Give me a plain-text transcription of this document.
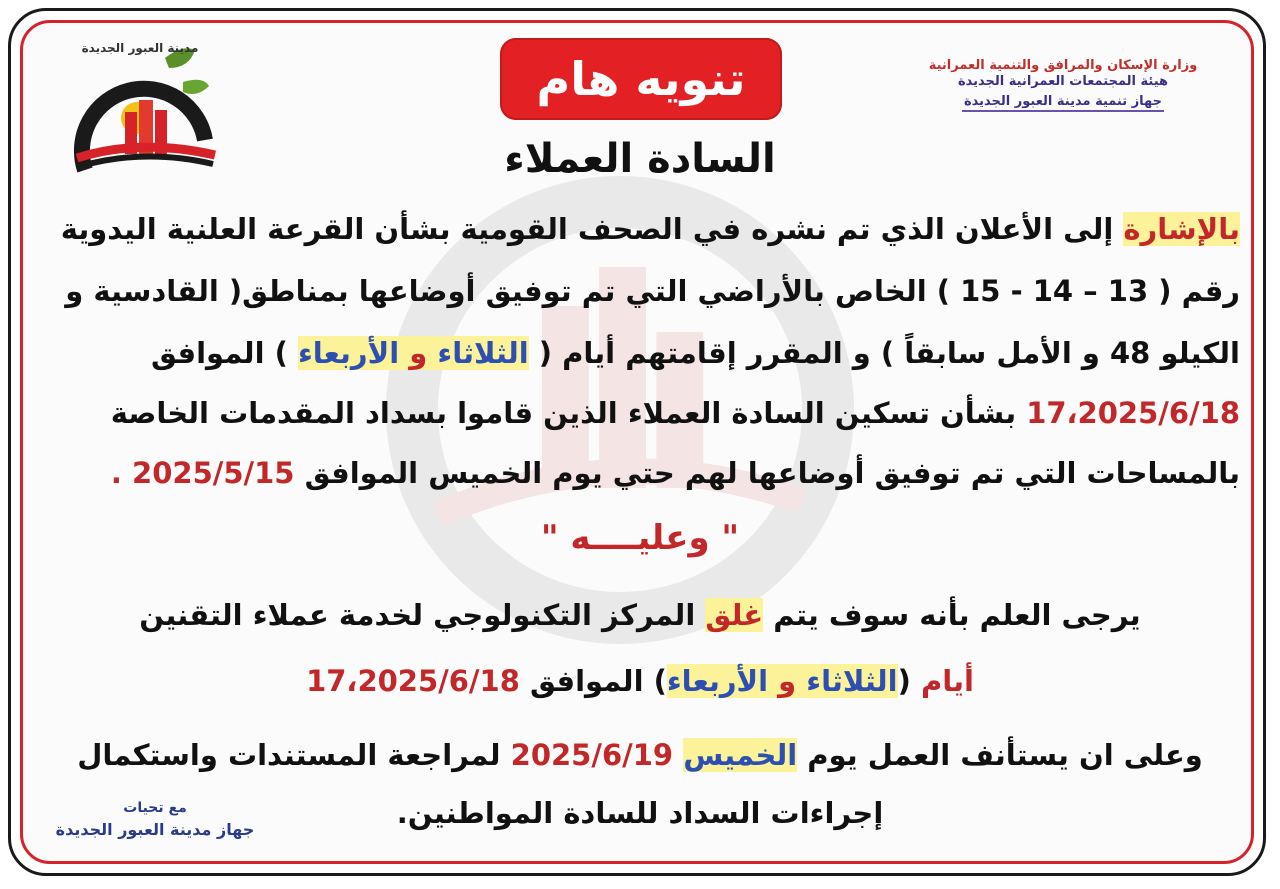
مدينة العبور الجديدة
وزارة الإسكان والمرافق والتنمية العمرانية
هيئة المجتمعات العمرانية الجديدة
جهاز تنمية مدينة العبور الجديدة
تنويه هام
السادة العملاء
بالإشارة إلى الأعلان الذي تم نشره في الصحف القومية بشأن القرعة العلنية اليدوية
رقم ( 13 – 14 - 15 ) الخاص بالأراضي التي تم توفيق أوضاعها بمناطق( القادسية و
الكيلو 48 و الأمل سابقاً ) و المقرر إقامتهم أيام ( الثلاثاء و الأربعاء ) الموافق
17،2025/6/18 بشأن تسكين السادة العملاء الذين قاموا بسداد المقدمات الخاصة
بالمساحات التي تم توفيق أوضاعها لهم حتي يوم الخميس الموافق 2025/5/15 .
" وعليــــه "
يرجى العلم بأنه سوف يتم غلق المركز التكنولوجي لخدمة عملاء التقنين
أيام (الثلاثاء و الأربعاء) الموافق 17،2025/6/18
وعلى ان يستأنف العمل يوم الخميس 2025/6/19 لمراجعة المستندات واستكمال
إجراءات السداد للسادة المواطنين.
مع تحيات
جهاز مدينة العبور الجديدة
